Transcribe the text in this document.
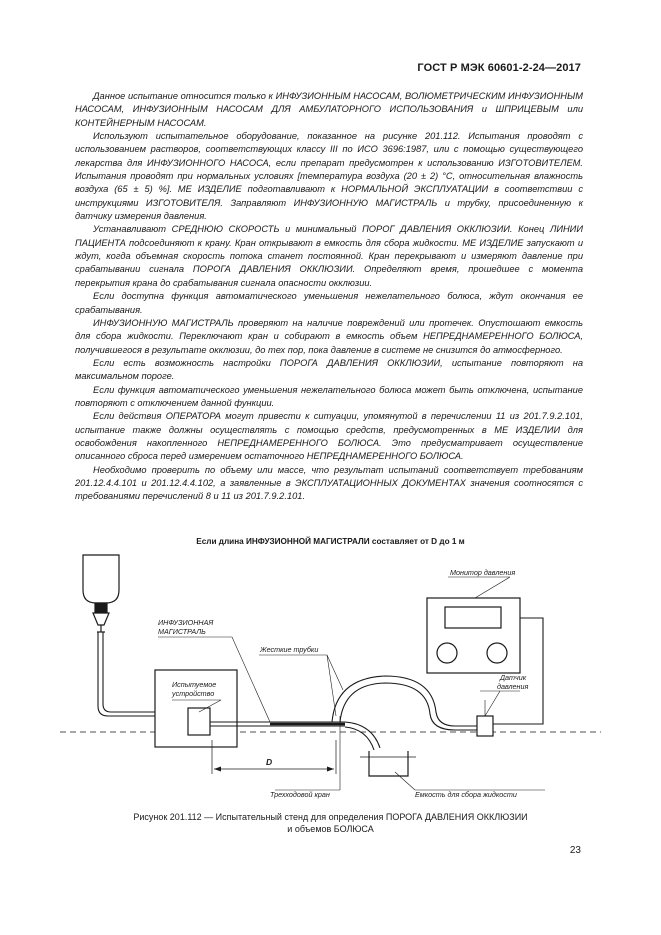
ГОСТ Р МЭК 60601-2-24—2017

Данное испытание относится только к ИНФУЗИОННЫМ НАСОСАМ, ВОЛЮМЕТРИЧЕСКИМ ИНФУЗИОННЫМ НАСОСАМ, ИНФУЗИОННЫМ НАСОСАМ ДЛЯ АМБУЛАТОРНОГО ИСПОЛЬЗОВАНИЯ и ШПРИЦЕВЫМ или КОНТЕЙНЕРНЫМ НАСОСАМ.

Используют испытательное оборудование, показанное на рисунке 201.112. Испытания проводят с использованием растворов, соответствующих классу III по ИСО 3696:1987, или с помощью существующего лекарства для ИНФУЗИОННОГО НАСОСА, если препарат предусмотрен к использованию ИЗГОТОВИТЕЛЕМ. Испытания проводят при нормальных условиях [температура воздуха (20 ± 2) °С, относительная влажность воздуха (65 ± 5) %]. МЕ ИЗДЕЛИЕ подготавливают к НОРМАЛЬНОЙ ЭКСПЛУАТАЦИИ в соответствии с инструкциями ИЗГОТОВИТЕЛЯ. Заправляют ИНФУЗИОННУЮ МАГИСТРАЛЬ и трубку, присоединенную к датчику измерения давления.

Устанавливают СРЕДНЮЮ СКОРОСТЬ и минимальный ПОРОГ ДАВЛЕНИЯ ОККЛЮЗИИ. Конец ЛИНИИ ПАЦИЕНТА подсоединяют к крану. Кран открывают в емкость для сбора жидкости. МЕ ИЗДЕЛИЕ запускают и ждут, когда объемная скорость потока станет постоянной. Кран перекрывают и измеряют давление при срабатывании сигнала ПОРОГА ДАВЛЕНИЯ ОККЛЮЗИИ. Определяют время, прошедшее с момента перекрытия крана до срабатывания сигнала опасности окклюзии.

Если доступна функция автоматического уменьшения нежелательного болюса, ждут окончания ее срабатывания.

ИНФУЗИОННУЮ МАГИСТРАЛЬ проверяют на наличие повреждений или протечек. Опустошают емкость для сбора жидкости. Переключают кран и собирают в емкость объем НЕПРЕДНАМЕРЕННОГО БОЛЮСА, получившегося в результате окклюзии, до тех пор, пока давление в системе не снизится до атмосферного.

Если есть возможность настройки ПОРОГА ДАВЛЕНИЯ ОККЛЮЗИИ, испытание повторяют на максимальном пороге.

Если функция автоматического уменьшения нежелательного болюса может быть отключена, испытание повторяют с отключением данной функции.

Если действия ОПЕРАТОРА могут привести к ситуации, упомянутой в перечислении 11 из 201.7.9.2.101, испытание также должны осуществлять с помощью средств, предусмотренных в МЕ ИЗДЕЛИИ для освобождения накопленного НЕПРЕДНАМЕРЕННОГО БОЛЮСА. Это предусматривает осуществление описанного сброса перед измерением остаточного НЕПРЕДНАМЕРЕННОГО БОЛЮСА.

Необходимо проверить по объему или массе, что результат испытаний соответствует требованиям 201.12.4.4.101 и 201.12.4.4.102, а заявленные в ЭКСПЛУАТАЦИОННЫХ ДОКУМЕНТАХ значения соотносятся с требованиями перечислений 8 и 11 из 201.7.9.2.101.

Если длина ИНФУЗИОННОЙ МАГИСТРАЛИ составляет от D до 1 м
ИНФУЗИОННАЯ
МАГИСТРАЛЬ
Испытуемое
устройство
Жесткие трубки
Монитор давления
Датчик
давления
D
Трехходовой кран	Емкость для сбора жидкости
Рисунок 201.112 — Испытательный стенд для определения ПОРОГА ДАВЛЕНИЯ ОККЛЮЗИИ
и объемов БОЛЮСА
23
